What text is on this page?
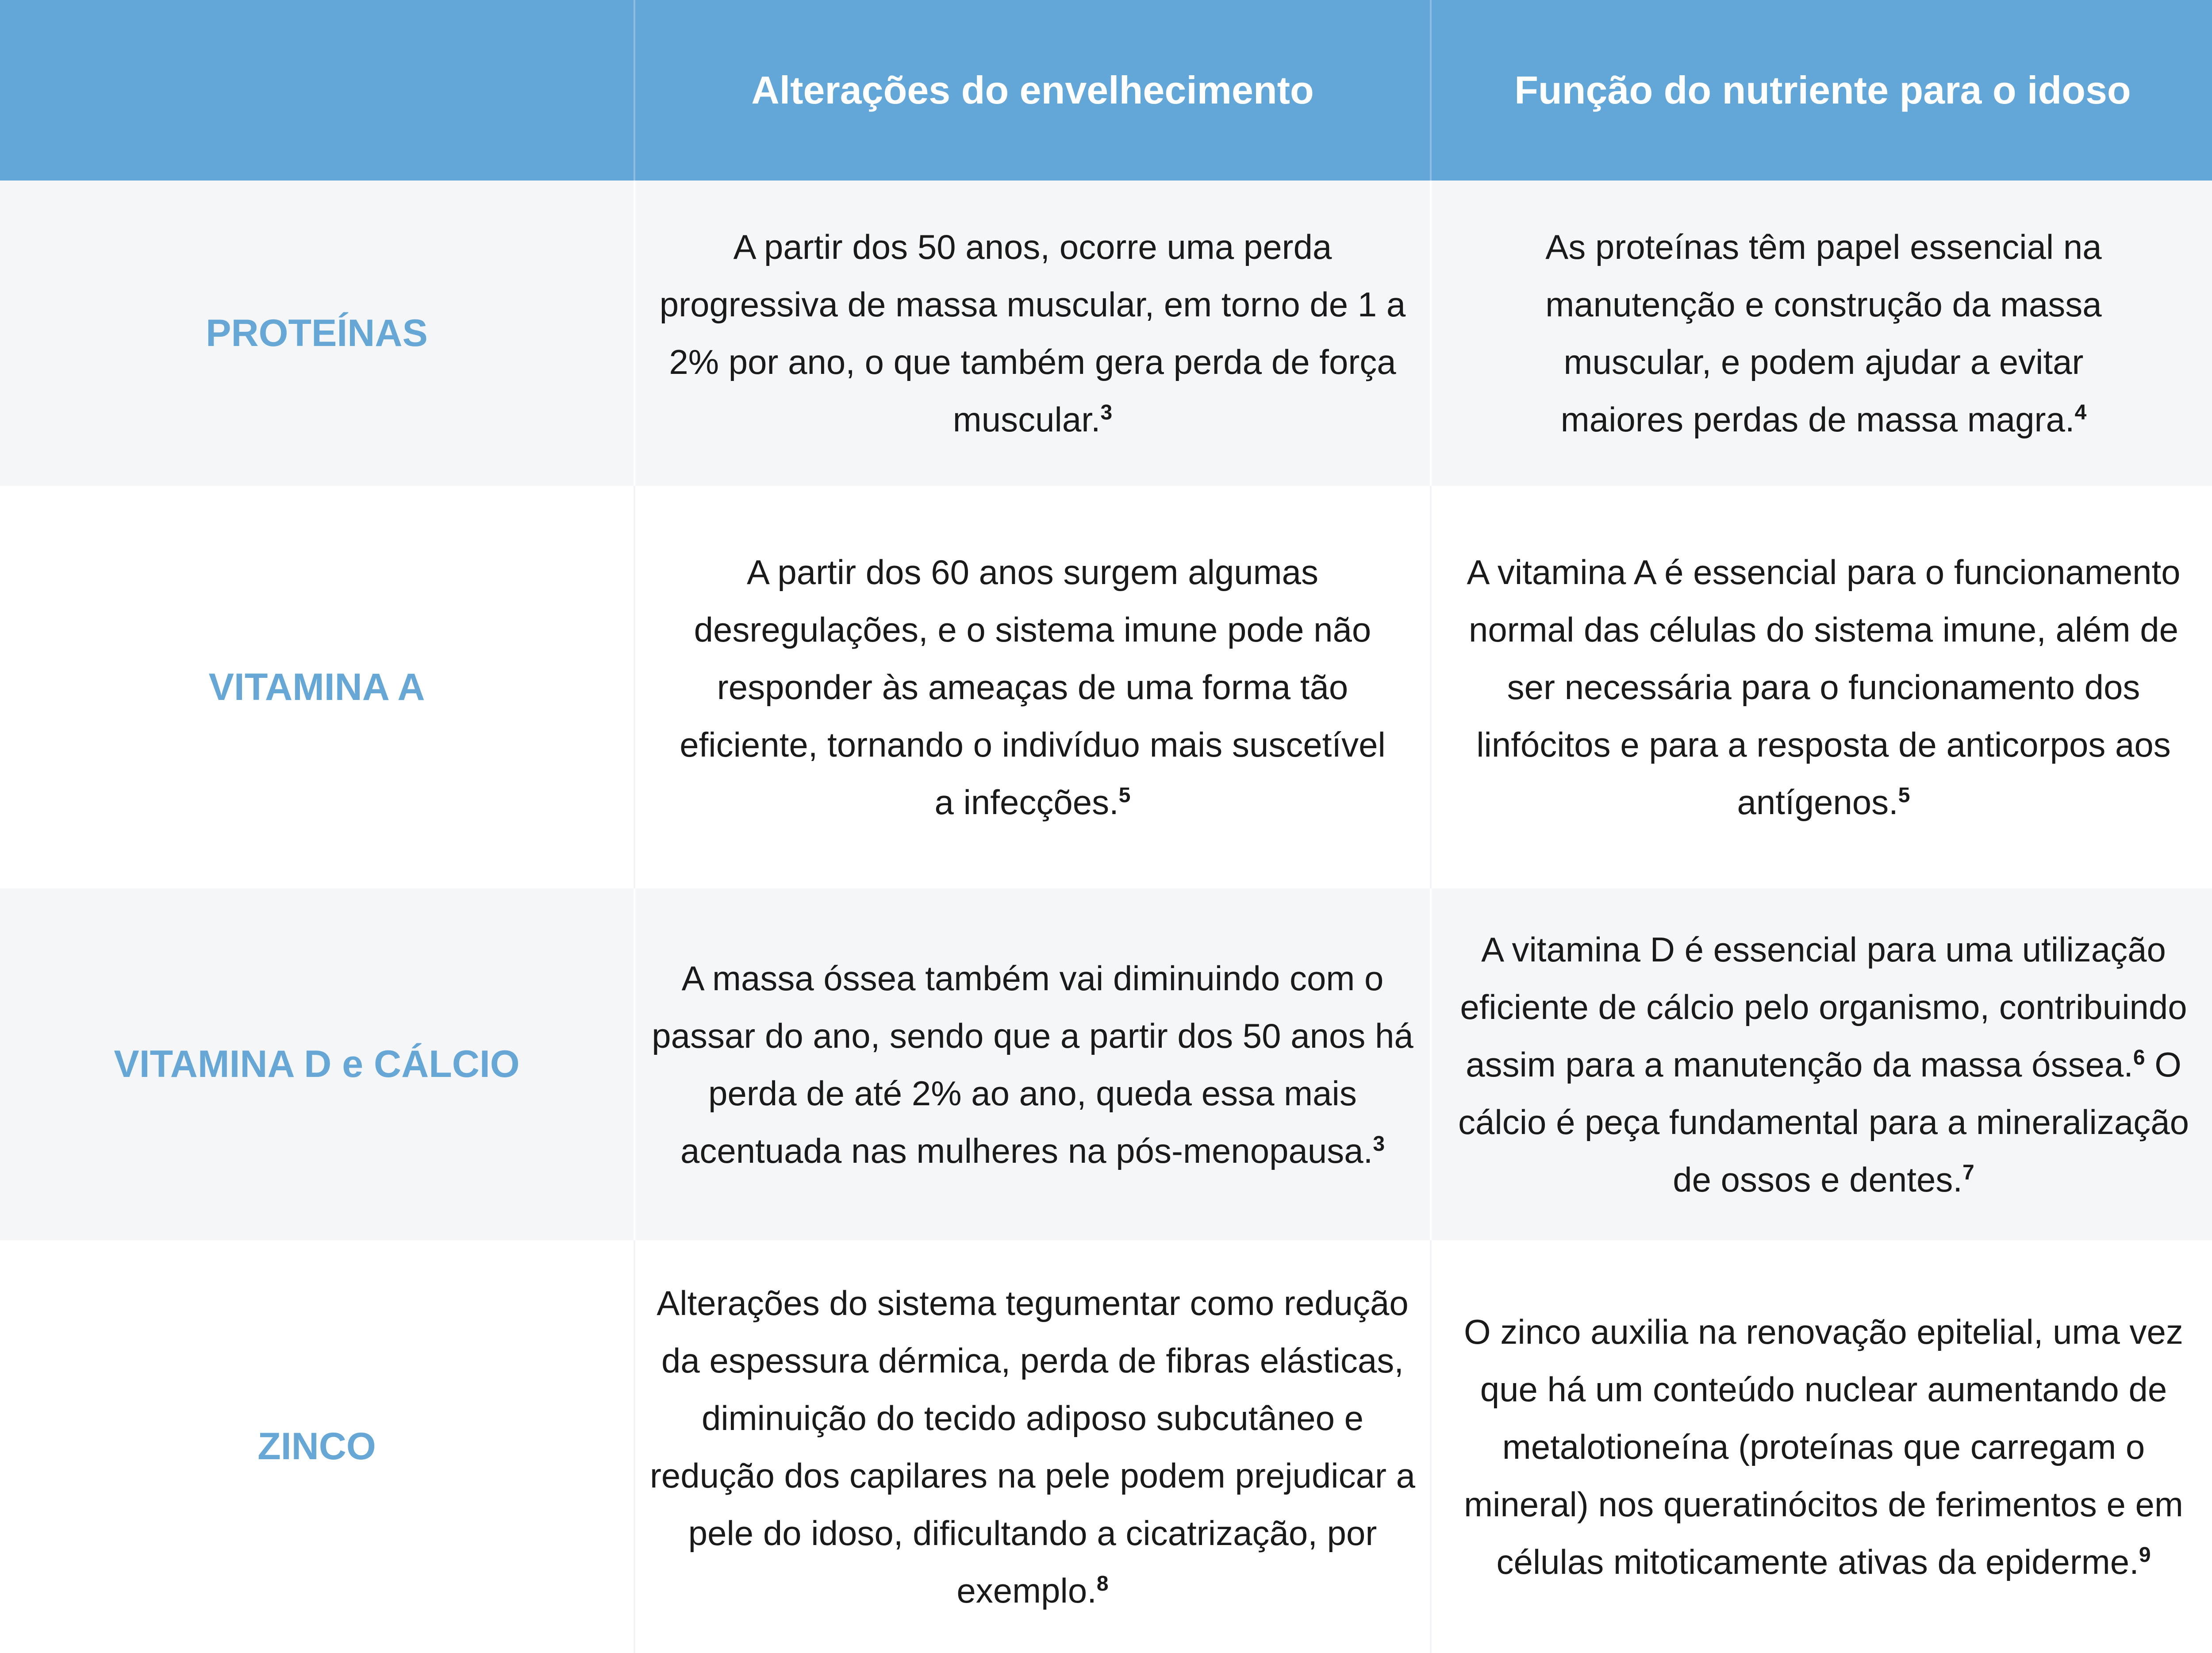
Alterações do envelhecimento	Função do nutriente para o idoso
PROTEÍNAS
A partir dos 50 anos, ocorre uma perda progressiva de massa muscular, em torno de 1 a 2% por ano, o que também gera perda de força muscular.$^3$
As proteínas têm papel essencial na manutenção e construção da massa muscular, e podem ajudar a evitar maiores perdas de massa magra.$^4$
VITAMINA A
A partir dos 60 anos surgem algumas desregulações, e o sistema imune pode não responder às ameaças de uma forma tão eficiente, tornando o indivíduo mais suscetível a infecções.$^5$
A vitamina A é essencial para o funcionamento normal das células do sistema imune, além de ser necessária para o funcionamento dos linfócitos e para a resposta de anticorpos aos antígenos.$^5$
VITAMINA D e CÁLCIO
A massa óssea também vai diminuindo com o passar do ano, sendo que a partir dos 50 anos há perda de até 2% ao ano, queda essa mais acentuada nas mulheres na pós-menopausa.$^3$
A vitamina D é essencial para uma utilização eficiente de cálcio pelo organismo, contribuindo assim para a manutenção da massa óssea.$^6$ O cálcio é peça fundamental para a mineralização de ossos e dentes.$^7$
ZINCO
Alterações do sistema tegumentar como redução da espessura dérmica, perda de fibras elásticas, diminuição do tecido adiposo subcutâneo e redução dos capilares na pele podem prejudicar a pele do idoso, dificultando a cicatrização, por exemplo.$^8$
O zinco auxilia na renovação epitelial, uma vez que há um conteúdo nuclear aumentando de metalotioneína (proteínas que carregam o mineral) nos queratinócitos de ferimentos e em células mitoticamente ativas da epiderme.$^9$
